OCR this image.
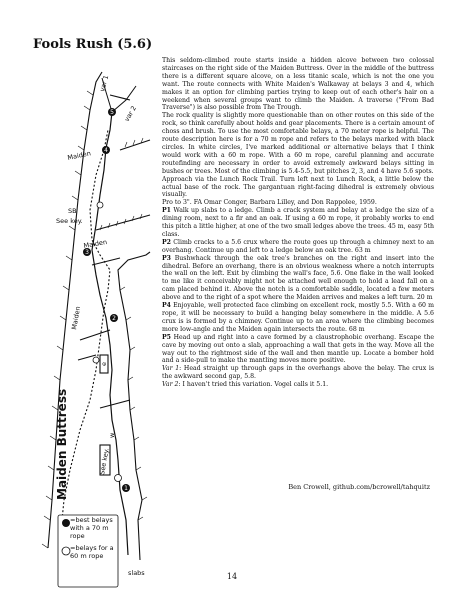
Fools Rush (5.6)
1
2
3
4
5
var 1
var 2
Maiden
SB
See key.
Maiden
Maiden
w
e
See key.
slabs
Maiden Buttress
=best belays with a 70 m rope
=belays for a 60 m rope

This seldom-climbed route starts inside a hidden alcove between two colossal staircases on the right side of the Maiden Buttress. Over in the middle of the buttress there is a different square alcove, on a less titanic scale, which is not the one you want. The route connects with White Maiden's Walkaway at belays 3 and 4, which makes it an option for climbing parties trying to keep out of each other's hair on a weekend when several groups want to climb the Maiden. A traverse ("From Bad Traverse") is also possible from The Trough.

The rock quality is slightly more questionable than on other routes on this side of the rock, so think carefully about holds and gear placements. There is a certain amount of choss and brush. To use the most comfortable belays, a 70 meter rope is helpful. The route description here is for a 70 m rope and refers to the belays marked with black circles. In white circles, I've marked additional or alternative belays that I think would work with a 60 m rope. With a 60 m rope, careful planning and accurate routefinding are necessary in order to avoid extremely awkward belays sitting in bushes or trees. Most of the climbing is 5.4-5.5, but pitches 2, 3, and 4 have 5.6 spots.

Approach via the Lunch Rock Trail. Turn left next to Lunch Rock, a little below the actual base of the rock. The gargantuan right-facing dihedral is extremely obvious visually.

Pro to 3". FA Omar Conger, Barbara Lilley, and Don Rappolee, 1959.

P1 Walk up slabs to a ledge. Climb a crack system and belay at a ledge the size of a dining room, next to a fir and an oak. If using a 60 m rope, it probably works to end this pitch a little higher, at one of the two small ledges above the trees. 45 m, easy 5th class.

P2 Climb cracks to a 5.6 crux where the route goes up through a chimney next to an overhang. Continue up and left to a ledge below an oak tree. 63 m

P3 Bushwhack through the oak tree's branches on the right and insert into the dihedral. Before an overhang, there is an obvious weakness where a notch interrupts the wall on the left. Exit by climbing the wall's face, 5.6. One flake in the wall looked to me like it conceivably might not be attached well enough to hold a lead fall on a cam placed behind it. Above the notch is a comfortable saddle, located a few meters above and to the right of a spot where the Maiden arrives and makes a left turn. 20 m

P4 Enjoyable, well protected face climbing on excellent rock, mostly 5.5. With a 60 m rope, it will be necessary to build a hanging belay somewhere in the middle. A 5.6 crux is is formed by a chimney. Continue up to an area where the climbing becomes more low-angle and the Maiden again intersects the route. 68 m

P5 Head up and right into a cave formed by a claustrophobic overhang. Escape the cave by moving out onto a slab, approaching a wall that gets in the way. Move all the way out to the rightmost side of the wall and then mantle up. Locate a bomber hold and a side-pull to make the mantling moves more positive.

Var 1: Head straight up through gaps in the overhangs above the belay. The crux is the awkward second gap, 5.8.

Var 2: I haven't tried this variation. Vogel calls it 5.1.

Ben Crowell, github.com/bcrowell/tahquitz
14
